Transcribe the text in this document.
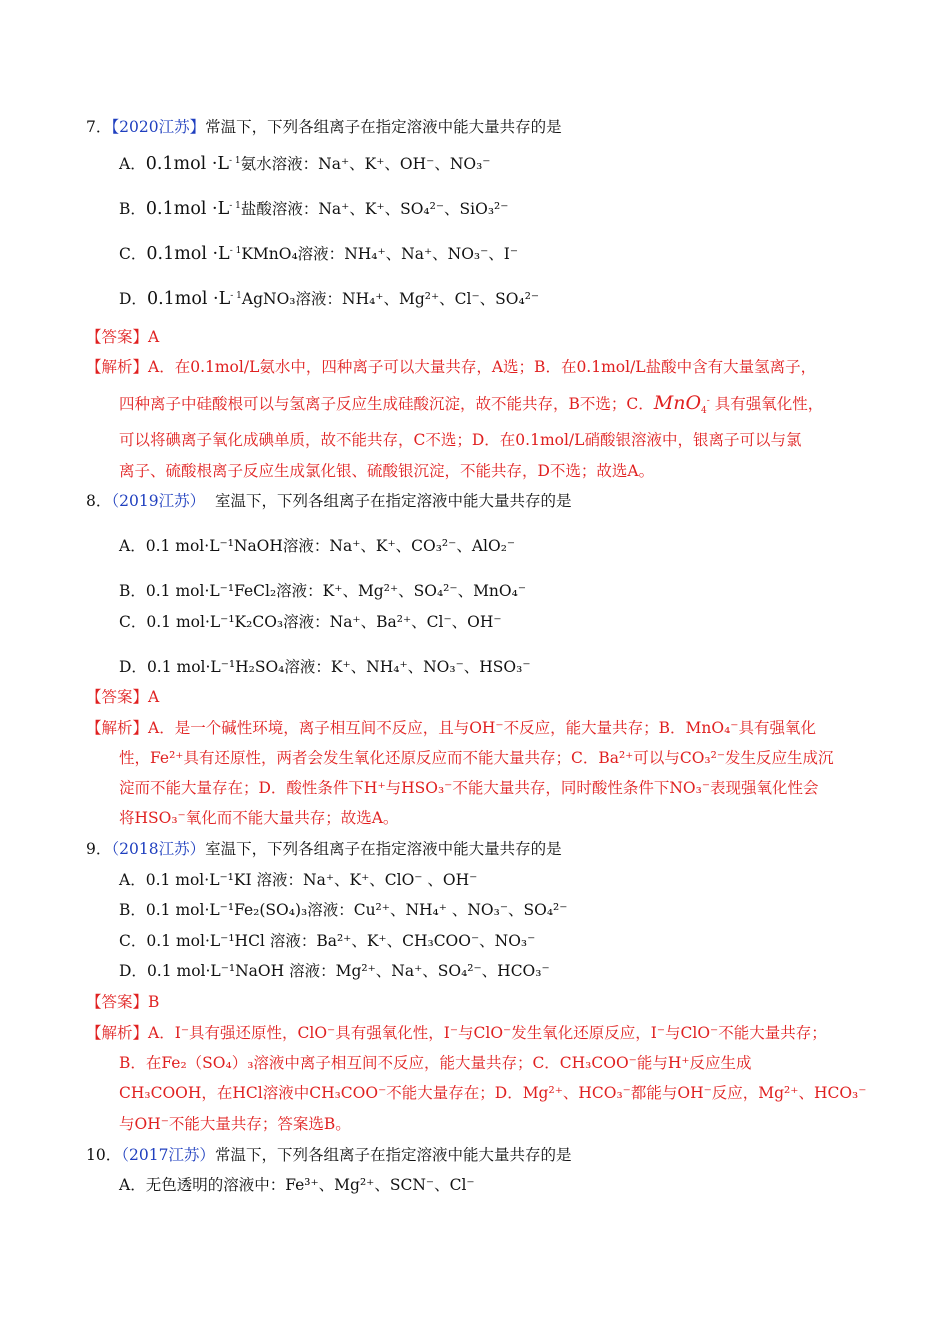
7．【2020江苏】常温下，下列各组离子在指定溶液中能大量共存的是
A．$0.1mol \cdot L^{- 1}$氨水溶液：Na⁺、K⁺、OH⁻、NO₃⁻
B．$0.1mol \cdot L^{- 1}$盐酸溶液：Na⁺、K⁺、SO₄²⁻、SiO₃²⁻
C．$0.1mol \cdot L^{- 1}KMnO_4$溶液：NH₄⁺、Na⁺、NO₃⁻、I⁻
D．$0.1mol \cdot L^{- 1}AgNO_3$溶液：NH₄⁺、Mg²⁺、Cl⁻、SO₄²⁻
【答案】A
【解析】A．在0.1mol/L氨水中，四种离子可以大量共存，A选；B．在0.1mol/L盐酸中含有大量氢离子，
四种离子中硅酸根可以与氢离子反应生成硅酸沉淀，故不能共存，B不选；C．MnO$_4$- 具有强氧化性，
可以将碘离子氧化成碘单质，故不能共存，C不选；D．在0.1mol/L硝酸银溶液中，银离子可以与氯
离子、硫酸根离子反应生成氯化银、硫酸银沉淀，不能共存，D不选；故选A。
8．（2019江苏） 室温下，下列各组离子在指定溶液中能大量共存的是
A．0.1 mol·L⁻¹NaOH溶液：Na⁺、K⁺、CO₃²⁻、AlO₂⁻
B．0.1 mol·L⁻¹FeCl₂溶液：K⁺、Mg²⁺、SO₄²⁻、MnO₄⁻
C．0.1 mol·L⁻¹K₂CO₃溶液：Na⁺、Ba²⁺、Cl⁻、OH⁻
D．0.1 mol·L⁻¹H₂SO₄溶液：K⁺、NH₄⁺、NO₃⁻、HSO₃⁻
【答案】A
【解析】A．是一个碱性环境，离子相互间不反应，且与OH⁻不反应，能大量共存；B．MnO₄⁻具有强氧化
性，Fe²⁺具有还原性，两者会发生氧化还原反应而不能大量共存；C．Ba²⁺可以与CO₃²⁻发生反应生成沉
淀而不能大量存在；D．酸性条件下H⁺与HSO₃⁻不能大量共存，同时酸性条件下NO₃⁻表现强氧化性会
将HSO₃⁻氧化而不能大量共存；故选A。
9．（2018江苏）室温下，下列各组离子在指定溶液中能大量共存的是
A．0.1 mol·L⁻¹KI 溶液：Na⁺、K⁺、ClO⁻ 、OH⁻
B．0.1 mol·L⁻¹Fe₂(SO₄)₃溶液：Cu²⁺、NH₄⁺ 、NO₃⁻、SO₄²⁻
C．0.1 mol·L⁻¹HCl 溶液：Ba²⁺、K⁺、CH₃COO⁻、NO₃⁻
D．0.1 mol·L⁻¹NaOH 溶液：Mg²⁺、Na⁺、SO₄²⁻、HCO₃⁻
【答案】B
【解析】A．I⁻具有强还原性，ClO⁻具有强氧化性，I⁻与ClO⁻发生氧化还原反应，I⁻与ClO⁻不能大量共存；
B．在Fe₂（SO₄）₃溶液中离子相互间不反应，能大量共存；C．CH₃COO⁻能与H⁺反应生成
CH₃COOH，在HCl溶液中CH₃COO⁻不能大量存在；D．Mg²⁺、HCO₃⁻都能与OH⁻反应，Mg²⁺、HCO₃⁻
与OH⁻不能大量共存；答案选B。
10．（2017江苏）常温下，下列各组离子在指定溶液中能大量共存的是
A．无色透明的溶液中：Fe³⁺、Mg²⁺、SCN⁻、Cl⁻
